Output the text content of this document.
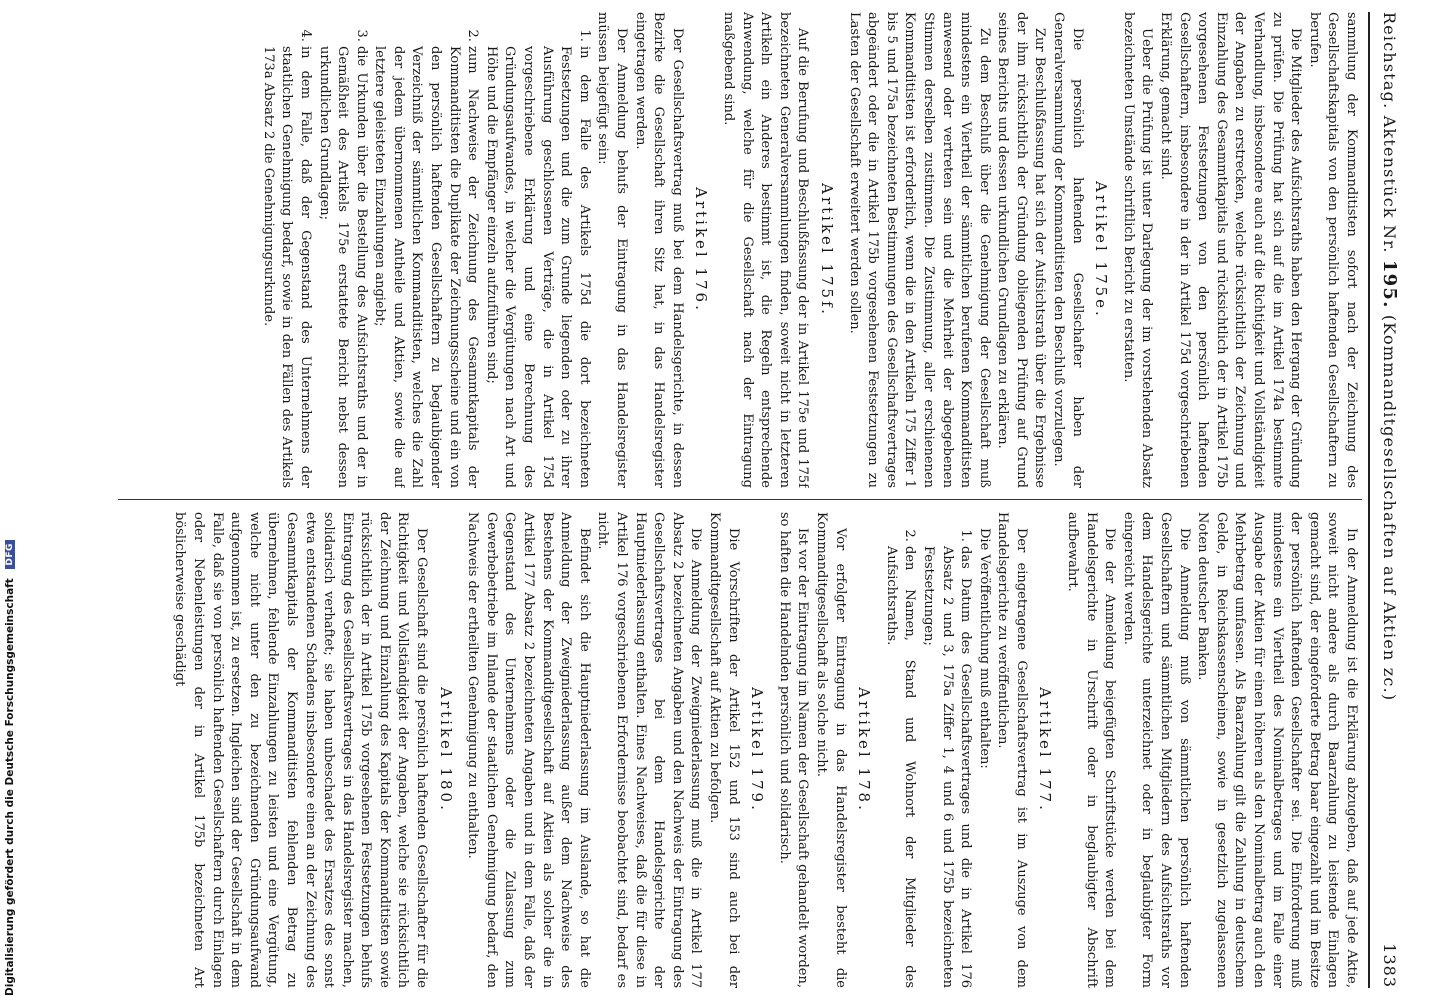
Reichstag. Aktenstück Nr. 195. (Kommanditgesellschaften auf Aktien zc.)
1383

sammlung der Kommanditisten sofort nach der Zeichnung des Gesellschaftskapitals von den persönlich haftenden Gesellschaftern zu berufen.

Die Mitglieder des Aufsichtsraths haben den Hergang der Gründung zu prüfen. Die Prüfung hat sich auf die im Artikel 174a bestimmte Verhandlung, insbesondere auch auf die Richtigkeit und Vollständigkeit der Angaben zu erstrecken, welche rücksichtlich der Zeichnung und Einzahlung des Gesammtkapitals und rücksichtlich der in Artikel 175b vorgesehenen Festsetzungen von den persönlich haftenden Gesellschaftern, insbesondere in der in Artikel 175d vorgeschriebenen Erklärung, gemacht sind.

Ueber die Prüfung ist unter Darlegung der im vorstehenden Absatz bezeichneten Umstände schriftlich Bericht zu erstatten.

Artikel 175e.

Die persönlich haftenden Gesellschafter haben der Generalversammlung der Kommanditisten den Beschluß vorzulegen.

Zur Beschlußfassung hat sich der Aufsichtsrath über die Ergebnisse der ihm rücksichtlich der Gründung obliegenden Prüfung auf Grund seines Berichts und dessen urkundlichen Grundlagen zu erklären.

Zu dem Beschluß über die Genehmigung der Gesellschaft muß mindestens ein Viertheil der sämmtlichen berufenen Kommanditisten anwesend oder vertreten sein und die Mehrheit der abgegebenen Stimmen derselben zustimmen. Die Zustimmung, aller erschienenen Kommanditisten ist erforderlich, wenn die in den Artikeln 175 Ziffer 1 bis 5 und 175a bezeichneten Bestimmungen des Gesellschaftsvertrages abgeändert oder die in Artikel 175b vorgesehenen Festsetzungen zu Lasten der Gesellschaft erweitert werden sollen.

Artikel 175f.

Auf die Berufung und Beschlußfassung der in Artikel 175e und 175f bezeichneten Generalversammlungen finden, soweit nicht in letzteren Artikeln ein Anderes bestimmt ist, die Regeln entsprechende Anwendung, welche für die Gesellschaft nach der Eintragung maßgebend sind.

Artikel 176.

Der Gesellschaftsvertrag muß bei dem Handelsgerichte, in dessen Bezirke die Gesellschaft ihren Sitz hat, in das Handelsregister eingetragen werden.

Der Anmeldung behufs der Eintragung in das Handelsregister müssen beigefügt sein:

1. in dem Falle des Artikels 175d die dort bezeichneten Festsetzungen und die zum Grunde liegenden oder zu ihrer Ausführung geschlossenen Verträge, die in Artikel 175d vorgeschriebene Erklärung und eine Berechnung des Gründungsaufwandes, in welcher die Vergütungen nach Art und Höhe und die Empfänger einzeln aufzuführen sind;
2. zum Nachweise der Zeichnung des Gesammtkapitals der Kommanditisten die Duplikate der Zeichnungsscheine und ein von den persönlich haftenden Gesellschaftern zu beglaubigender Verzeichniß der sämmtlichen Kommanditisten, welches die Zahl der jedem übernommenen Antheile und Aktien, sowie die auf letztere geleisteten Einzahlungen angiebt;
3. die Urkunden über die Bestellung des Aufsichtsraths und der in Gemäßheit des Artikels 175e erstattete Bericht nebst dessen urkundlichen Grundlagen;
4. in dem Falle, daß der Gegenstand des Unternehmens der staatlichen Genehmigung bedarf, sowie in den Fällen des Artikels 173a Absatz 2 die Genehmigungsurkunde.

In der Anmeldung ist die Erklärung abzugeben, daß auf jede Aktie, soweit nicht andere als durch Baarzahlung zu leistende Einlagen gemacht sind, der eingeforderte Betrag baar eingezahlt und im Besitze der persönlich haftenden Gesellschafter sei. Die Einforderung muß mindestens ein Viertheil des Nominalbetrages und im Falle einer Ausgabe der Aktien für einen höheren als den Nominalbetrag auch den Mehrbetrag umfassen. Als Baarzahlung gilt die Zahlung in deutschem Gelde, in Reichskassenscheinen, sowie in gesetzlich zugelassenen Noten deutscher Banken.

Die Anmeldung muß von sämmtlichen persönlich haftenden Gesellschaftern und sämmtlichen Mitgliedern des Aufsichtsraths vor dem Handelsgerichte unterzeichnet oder in beglaubigter Form eingereicht werden.

Die der Anmeldung beigefügten Schriftstücke werden bei dem Handelsgerichte in Urschrift oder in beglaubigter Abschrift aufbewahrt.

Artikel 177.

Der eingetragene Gesellschaftsvertrag ist im Auszuge von dem Handelsgerichte zu veröffentlichen.

Die Veröffentlichung muß enthalten:

1. das Datum des Gesellschaftsvertrages und die in Artikel 176 Absatz 2 und 3, 175a Ziffer 1, 4 und 6 und 175b bezeichneten Festsetzungen;
2. den Namen, Stand und Wohnort der Mitglieder des Aufsichtsraths.
Artikel 178.

Vor erfolgter Eintragung in das Handelsregister besteht die Kommanditgesellschaft als solche nicht.

Ist vor der Eintragung im Namen der Gesellschaft gehandelt worden, so haften die Handelnden persönlich und solidarisch.

Artikel 179.

Die Vorschriften der Artikel 152 und 153 sind auch bei der Kommanditgesellschaft auf Aktien zu befolgen.

Die Anmeldung der Zweigniederlassung muß die in Artikel 177 Absatz 2 bezeichneten Angaben und den Nachweis der Eintragung des Gesellschaftsvertrages bei dem Handelsgerichte der Hauptniederlassung enthalten. Eines Nachweises, daß die für diese in Artikel 176 vorgeschriebenen Erfordernisse beobachtet sind, bedarf es nicht.

Befindet sich die Hauptniederlassung im Auslande, so hat die Anmeldung der Zweigniederlassung außer dem Nachweise des Bestehens der Kommanditgesellschaft auf Aktien als solcher die in Artikel 177 Absatz 2 bezeichneten Angaben und in dem Falle, daß der Gegenstand des Unternehmens oder die Zulassung zum Gewerbebetriebe im Inlande der staatlichen Genehmigung bedarf, den Nachweis der ertheilten Genehmigung zu enthalten.

Artikel 180.

Der Gesellschaft sind die persönlich haftenden Gesellschafter für die Richtigkeit und Vollständigkeit der Angaben, welche sie rücksichtlich der Zeichnung und Einzahlung des Kapitals der Kommanditisten sowie rücksichtlich der in Artikel 175b vorgesehenen Festsetzungen behufs Eintragung des Gesellschaftsvertrages in das Handelsregister machen, solidarisch verhaftet; sie haben unbeschadet des Ersatzes des sonst etwa entstandenen Schadens insbesondere einen an der Zeichnung des Gesammtkapitals der Kommanditisten fehlenden Betrag zu übernehmen, fehlende Einzahlungen zu leisten und eine Vergütung, welche nicht unter den zu bezeichnenden Gründungsaufwand aufgenommen ist, zu ersetzen. Ingleichen sind der Gesellschaft in dem Falle, daß sie von persönlich haftenden Gesellschaftern durch Einlagen oder Nebenleistungen der in Artikel 175b bezeichneten Art böslicherweise geschädigt

Digitalisierung gefördert durch die Deutsche Forschungsgemeinschaft DFG
